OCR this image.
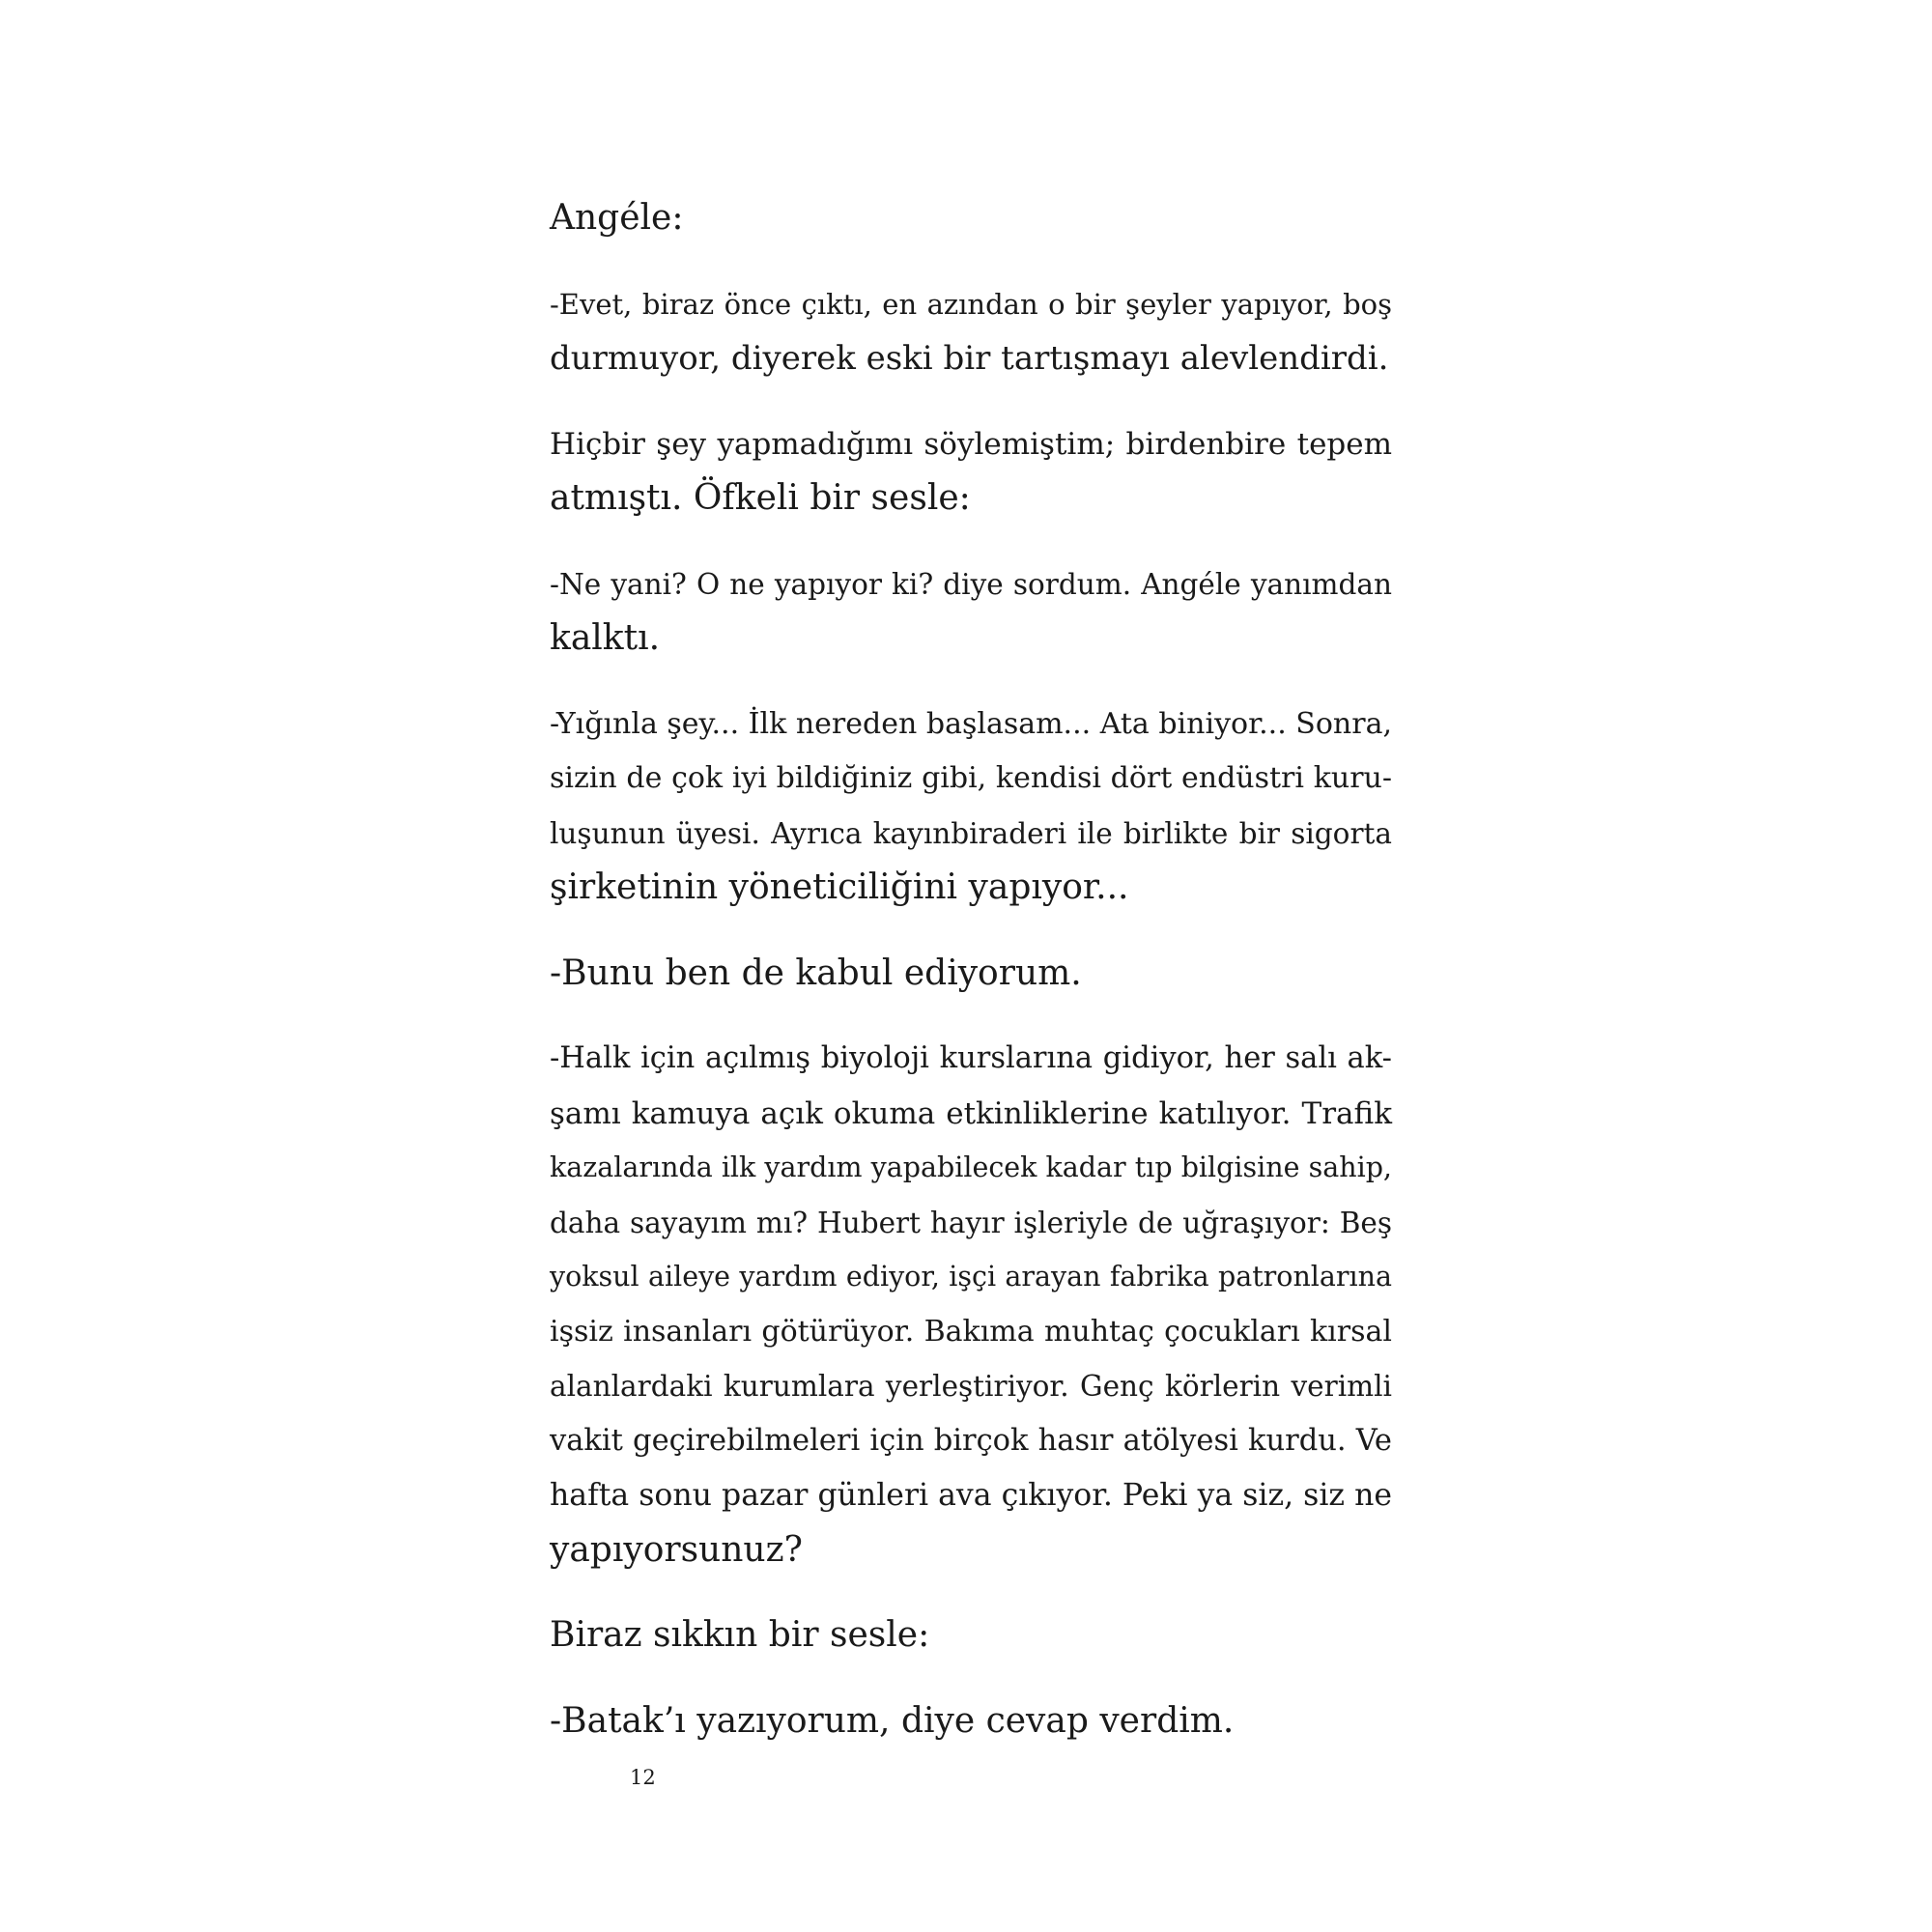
Angéle:

-Evet, biraz önce çıktı, en azından o bir şeyler yapıyor, boş
durmuyor, diyerek eski bir tartışmayı alevlendirdi.

Hiçbir şey yapmadığımı söylemiştim; birdenbire tepem
atmıştı. Öfkeli bir sesle:

-Ne yani? O ne yapıyor ki? diye sordum. Angéle yanımdan
kalktı.

-Yığınla şey... İlk nereden başlasam... Ata biniyor... Sonra,
sizin de çok iyi bildiğiniz gibi, kendisi dört endüstri kuru-
luşunun üyesi. Ayrıca kayınbiraderi ile birlikte bir sigorta
şirketinin yöneticiliğini yapıyor...

-Bunu ben de kabul ediyorum.

-Halk için açılmış biyoloji kurslarına gidiyor, her salı ak-
şamı kamuya açık okuma etkinliklerine katılıyor. Trafik
kazalarında ilk yardım yapabilecek kadar tıp bilgisine sahip,
daha sayayım mı? Hubert hayır işleriyle de uğraşıyor: Beş
yoksul aileye yardım ediyor, işçi arayan fabrika patronlarına
işsiz insanları götürüyor. Bakıma muhtaç çocukları kırsal
alanlardaki kurumlara yerleştiriyor. Genç körlerin verimli
vakit geçirebilmeleri için birçok hasır atölyesi kurdu. Ve
hafta sonu pazar günleri ava çıkıyor. Peki ya siz, siz ne
yapıyorsunuz?

Biraz sıkkın bir sesle:

-Batak’ı yazıyorum, diye cevap verdim.

12
